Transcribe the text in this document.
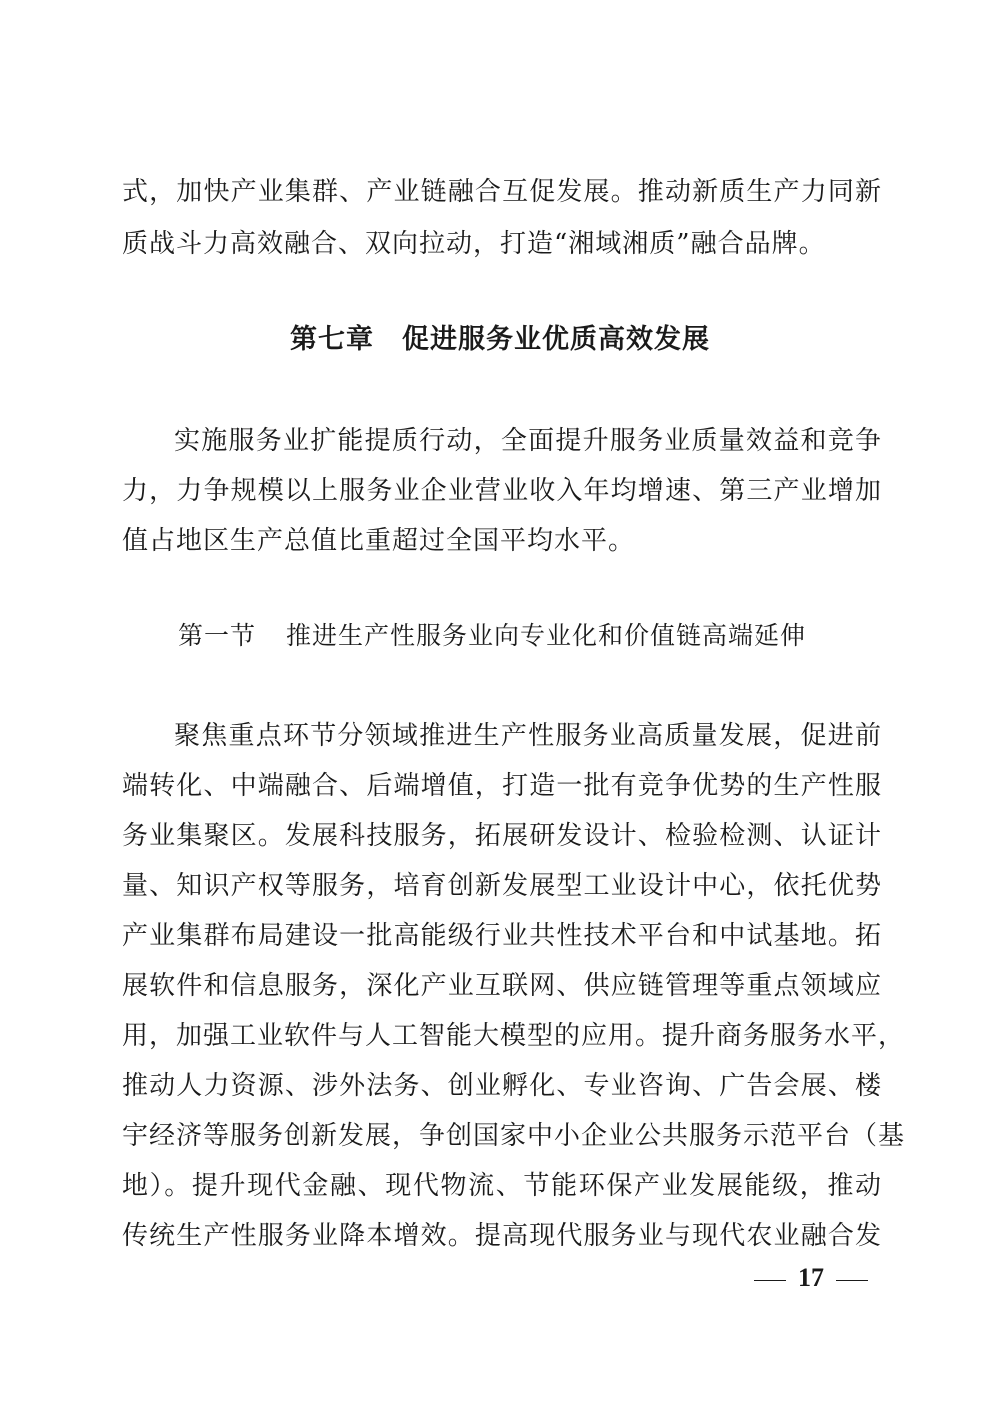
式，加快产业集群、产业链融合互促发展。推动新质生产力同新
质战斗力高效融合、双向拉动，打造“湘域湘质”融合品牌。
第七章　促进服务业优质高效发展
实施服务业扩能提质行动，全面提升服务业质量效益和竞争
力，力争规模以上服务业企业营业收入年均增速、第三产业增加
值占地区生产总值比重超过全国平均水平。
第一节 推进生产性服务业向专业化和价值链高端延伸
聚焦重点环节分领域推进生产性服务业高质量发展，促进前
端转化、中端融合、后端增值，打造一批有竞争优势的生产性服
务业集聚区。发展科技服务，拓展研发设计、检验检测、认证计
量、知识产权等服务，培育创新发展型工业设计中心，依托优势
产业集群布局建设一批高能级行业共性技术平台和中试基地。拓
展软件和信息服务，深化产业互联网、供应链管理等重点领域应
用，加强工业软件与人工智能大模型的应用。提升商务服务水平，
推动人力资源、涉外法务、创业孵化、专业咨询、广告会展、楼
宇经济等服务创新发展，争创国家中小企业公共服务示范平台（基
地）。提升现代金融、现代物流、节能环保产业发展能级，推动
传统生产性服务业降本增效。提高现代服务业与现代农业融合发
17
